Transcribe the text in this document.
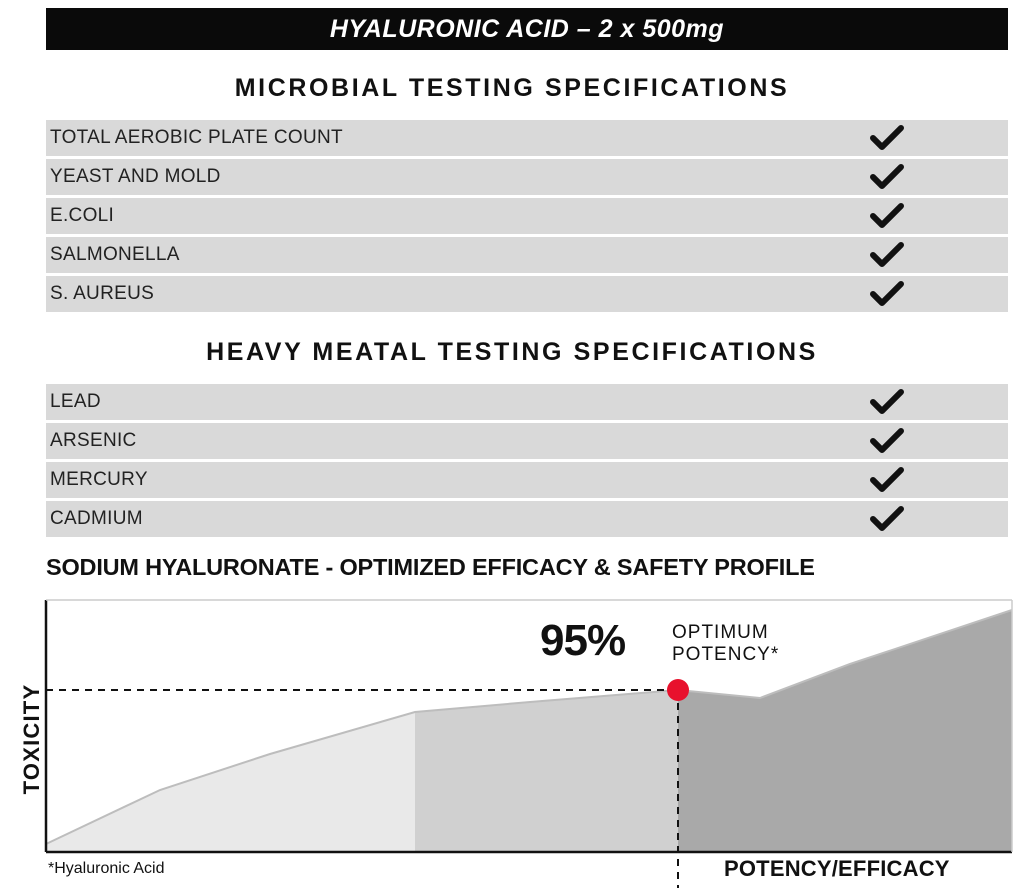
HYALURONIC ACID – 2 x 500mg
MICROBIAL TESTING SPECIFICATIONS
TOTAL AEROBIC PLATE COUNT
YEAST AND MOLD
E.COLI
SALMONELLA
S. AUREUS
HEAVY MEATAL TESTING SPECIFICATIONS
LEAD
ARSENIC
MERCURY
CADMIUM
SODIUM HYALURONATE - OPTIMIZED EFFICACY & SAFETY PROFILE
TOXICITY
POTENCY/EFFICACY
95% OPTIMUM
POTENCY*
*Hyaluronic Acid
